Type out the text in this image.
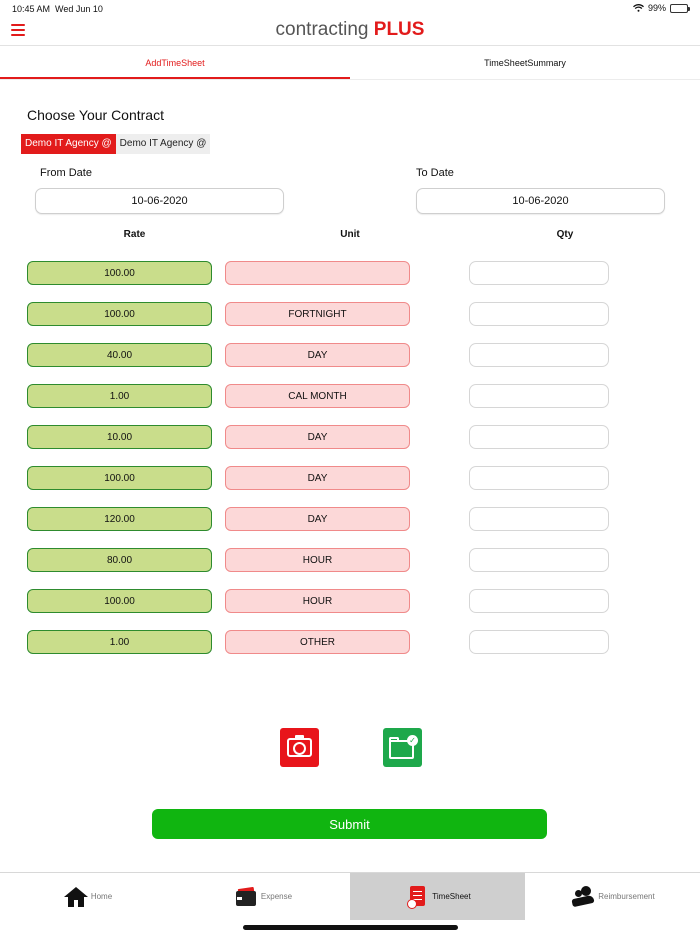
10:45 AM Wed Jun 10	99%
contracting PLUS
AddTimeSheet	TimeSheetSummary
Choose Your Contract
Demo IT Agency @ Demo IT Agency @
From Date
10-06-2020
To Date
10-06-2020
Rate	Unit	Qty
100.00
100.00	FORTNIGHT
40.00	DAY
1.00	CAL MONTH
10.00	DAY
100.00	DAY
120.00	DAY
80.00	HOUR
100.00	HOUR
1.00	OTHER
✓
Submit
Home	Expense	TimeSheet	Reimbursement
